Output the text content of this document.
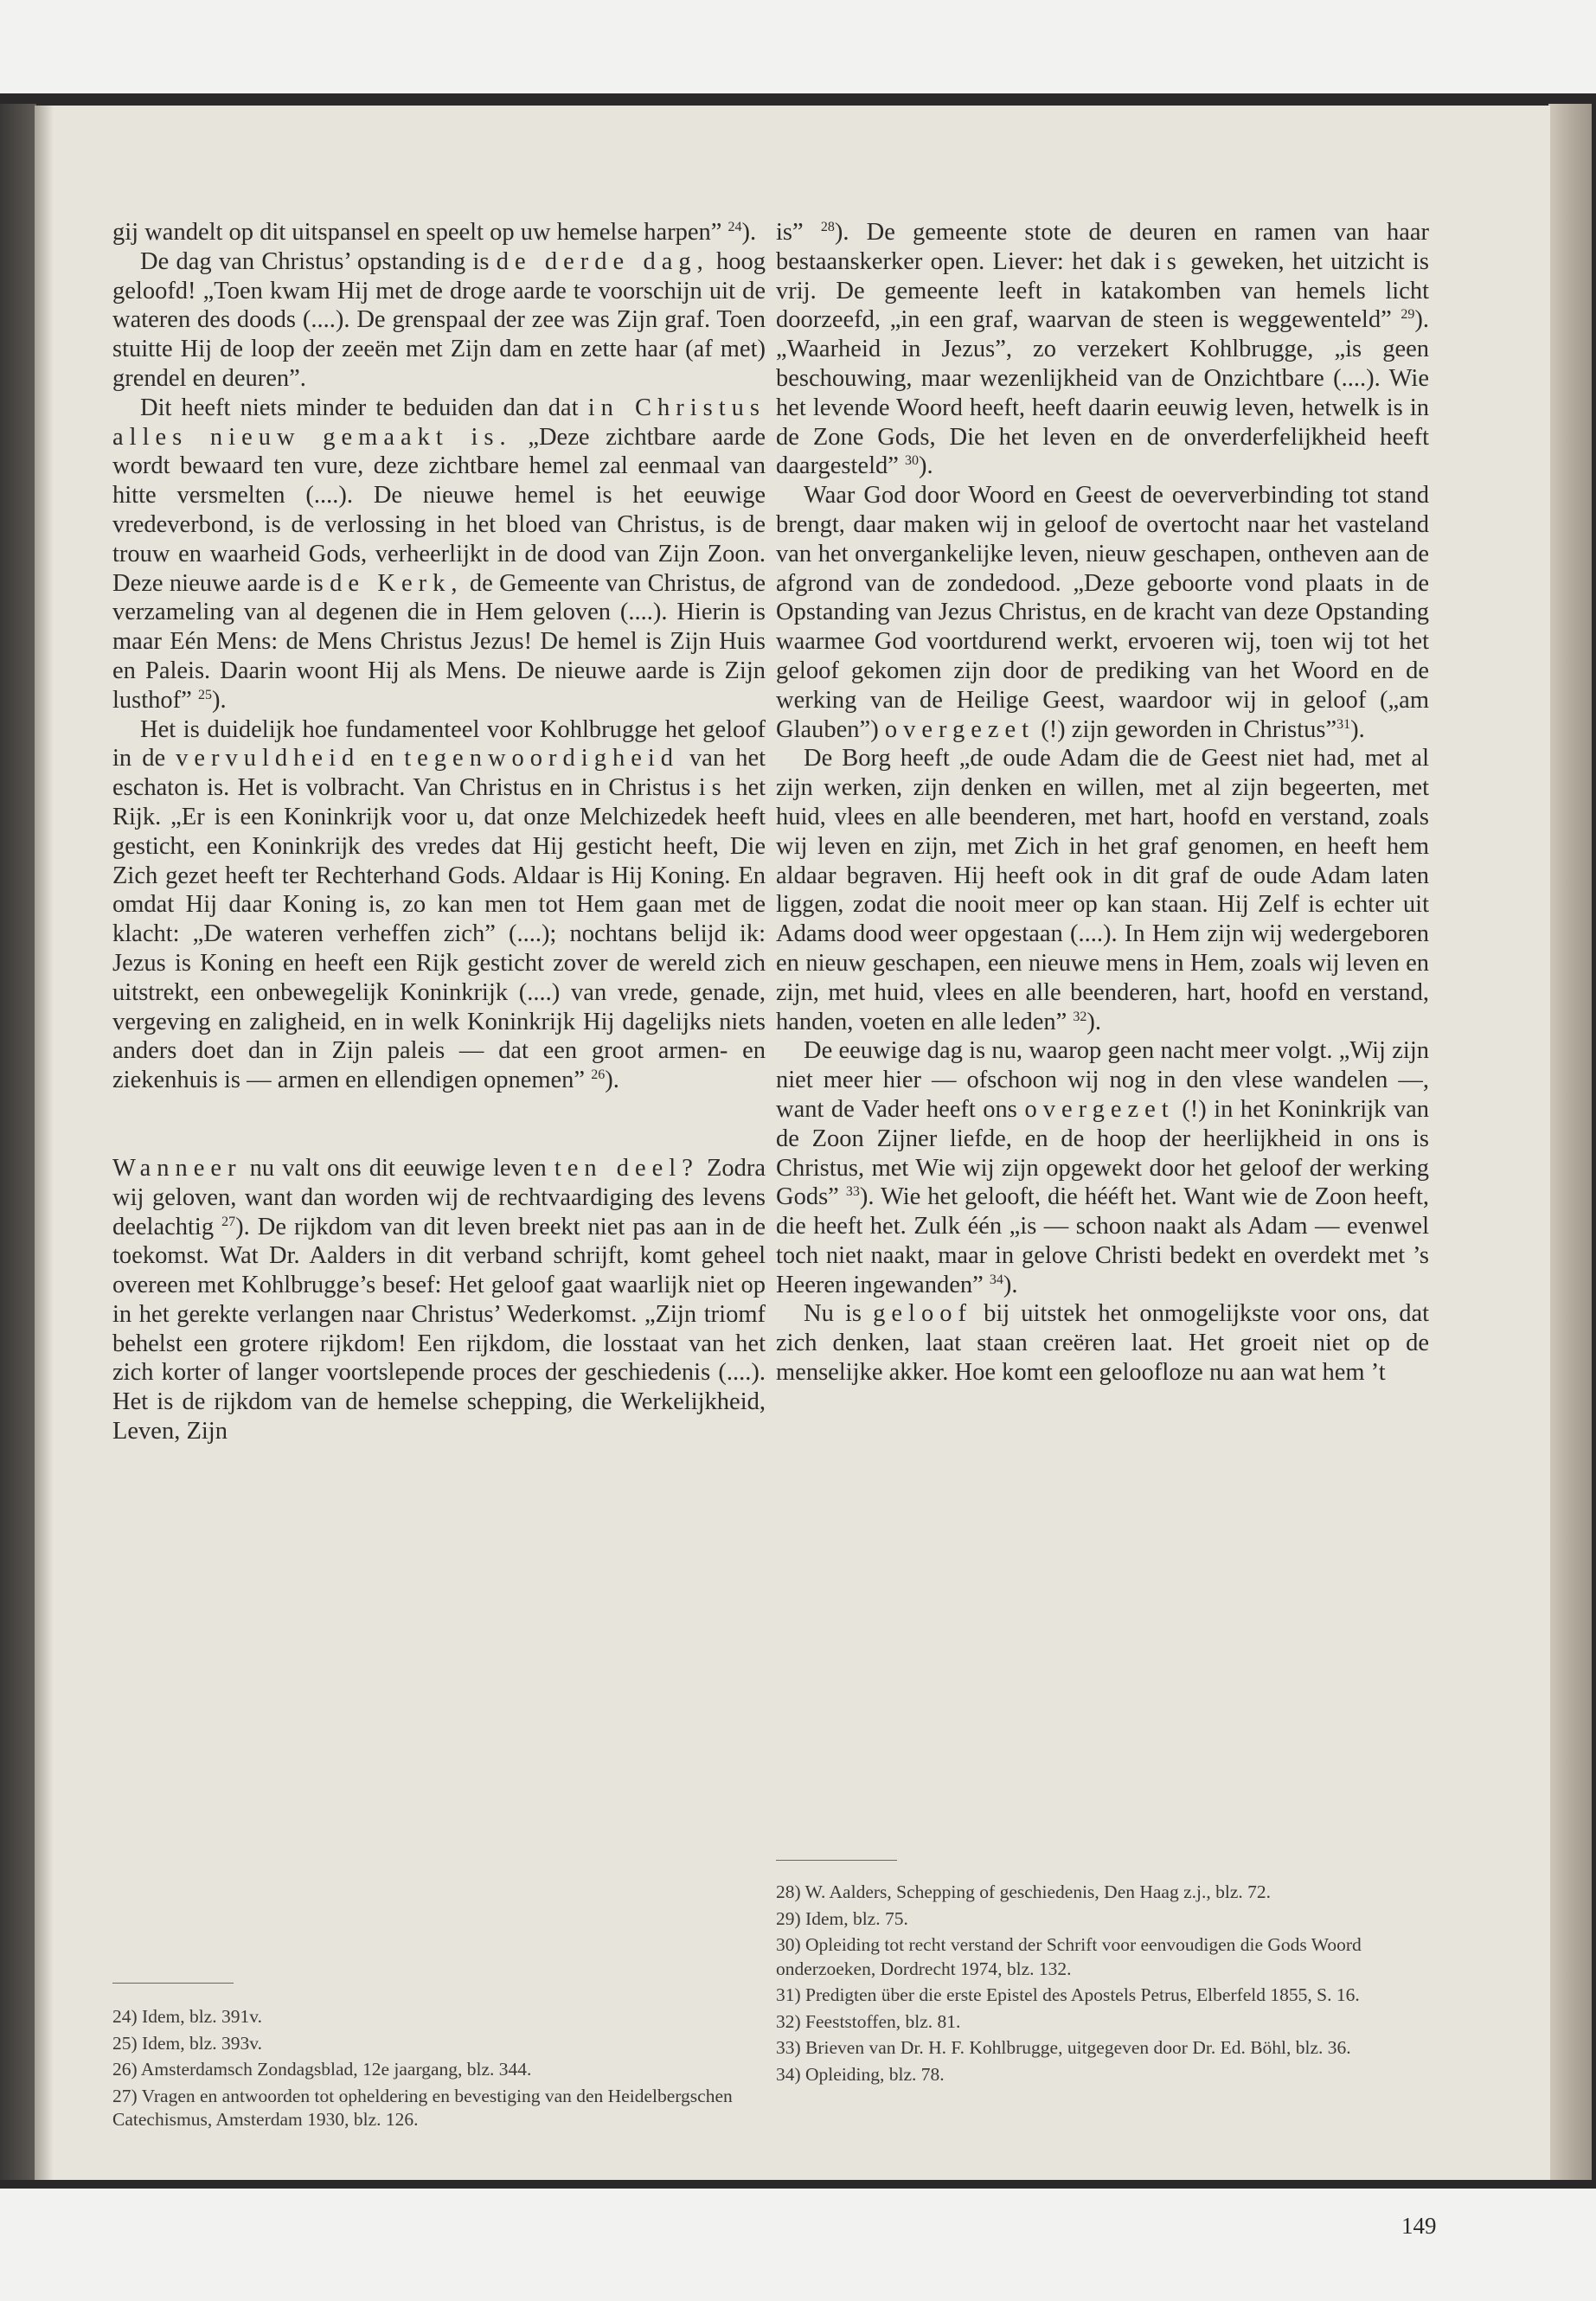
gij wandelt op dit uitspansel en speelt op uw hemelse harpen” $^{24}$).

De dag van Christus’ opstanding is de derde dag, hoog geloofd! „Toen kwam Hij met de droge aarde te voorschijn uit de wateren des doods (....). De grenspaal der zee was Zijn graf. Toen stuitte Hij de loop der zeeën met Zijn dam en zette haar (af met) grendel en deuren”.

Dit heeft niets minder te beduiden dan dat in Christus alles nieuw gemaakt is. „Deze zichtbare aarde wordt bewaard ten vure, deze zichtbare hemel zal eenmaal van hitte versmelten (....). De nieuwe hemel is het eeuwige vredeverbond, is de verlossing in het bloed van Christus, is de trouw en waarheid Gods, verheerlijkt in de dood van Zijn Zoon. Deze nieuwe aarde is de Kerk, de Gemeente van Christus, de verzameling van al degenen die in Hem geloven (....). Hierin is maar Eén Mens: de Mens Christus Jezus! De hemel is Zijn Huis en Paleis. Daarin woont Hij als Mens. De nieuwe aarde is Zijn lusthof” $^{25}$).

Het is duidelijk hoe fundamenteel voor Kohlbrugge het geloof in de vervuldheid en tegenwoordigheid van het eschaton is. Het is volbracht. Van Christus en in Christus is het Rijk. „Er is een Koninkrijk voor u, dat onze Melchizedek heeft gesticht, een Koninkrijk des vredes dat Hij gesticht heeft, Die Zich gezet heeft ter Rechterhand Gods. Aldaar is Hij Koning. En omdat Hij daar Koning is, zo kan men tot Hem gaan met de klacht: „De wateren verheffen zich” (....); nochtans belijd ik: Jezus is Koning en heeft een Rijk gesticht zover de wereld zich uitstrekt, een onbewegelijk Koninkrijk (....) van vrede, genade, vergeving en zaligheid, en in welk Koninkrijk Hij dagelijks niets anders doet dan in Zijn paleis — dat een groot armen- en ziekenhuis is — armen en ellendigen opnemen” $^{26}$).

Wanneer nu valt ons dit eeuwige leven ten deel? Zodra wij geloven, want dan worden wij de rechtvaardiging des levens deelachtig $^{27}$). De rijkdom van dit leven breekt niet pas aan in de toekomst. Wat Dr. Aalders in dit verband schrijft, komt geheel overeen met Kohlbrugge’s besef: Het geloof gaat waarlijk niet op in het gerekte verlangen naar Christus’ Wederkomst. „Zijn triomf behelst een grotere rijkdom! Een rijkdom, die losstaat van het zich korter of langer voortslepende proces der geschiedenis (....). Het is de rijkdom van de hemelse schepping, die Werkelijkheid, Leven, Zijn

is” $^{28}$). De gemeente stote de deuren en ramen van haar bestaanskerker open. Liever: het dak is geweken, het uitzicht is vrij. De gemeente leeft in katakomben van hemels licht doorzeefd, „in een graf, waarvan de steen is weggewenteld” $^{29}$). „Waarheid in Jezus”, zo verzekert Kohlbrugge, „is geen beschouwing, maar wezenlijkheid van de Onzichtbare (....). Wie het levende Woord heeft, heeft daarin eeuwig leven, hetwelk is in de Zone Gods, Die het leven en de onverderfelijkheid heeft daargesteld” $^{30}$).

Waar God door Woord en Geest de oeververbinding tot stand brengt, daar maken wij in geloof de overtocht naar het vasteland van het onvergankelijke leven, nieuw geschapen, ontheven aan de afgrond van de zondedood. „Deze geboorte vond plaats in de Opstanding van Jezus Christus, en de kracht van deze Opstanding waarmee God voortdurend werkt, ervoeren wij, toen wij tot het geloof gekomen zijn door de prediking van het Woord en de werking van de Heilige Geest, waardoor wij in geloof („am Glauben”) overgezet (!) zijn geworden in Christus”$^{31}$).

De Borg heeft „de oude Adam die de Geest niet had, met al zijn werken, zijn denken en willen, met al zijn begeerten, met huid, vlees en alle beenderen, met hart, hoofd en verstand, zoals wij leven en zijn, met Zich in het graf genomen, en heeft hem aldaar begraven. Hij heeft ook in dit graf de oude Adam laten liggen, zodat die nooit meer op kan staan. Hij Zelf is echter uit Adams dood weer opgestaan (....). In Hem zijn wij wedergeboren en nieuw geschapen, een nieuwe mens in Hem, zoals wij leven en zijn, met huid, vlees en alle beenderen, hart, hoofd en verstand, handen, voeten en alle leden” $^{32}$).

De eeuwige dag is nu, waarop geen nacht meer volgt. „Wij zijn niet meer hier — ofschoon wij nog in den vlese wandelen —, want de Vader heeft ons overgezet (!) in het Koninkrijk van de Zoon Zijner liefde, en de hoop der heerlijkheid in ons is Christus, met Wie wij zijn opgewekt door het geloof der werking Gods” $^{33}$). Wie het gelooft, die hééft het. Want wie de Zoon heeft, die heeft het. Zulk één „is — schoon naakt als Adam — evenwel toch niet naakt, maar in gelove Christi bedekt en overdekt met ’s Heeren ingewanden” $^{34}$).

Nu is geloof bij uitstek het onmogelijkste voor ons, dat zich denken, laat staan creëren laat. Het groeit niet op de menselijke akker. Hoe komt een geloofloze nu aan wat hem ’t

24) Idem, blz. 391v.

25) Idem, blz. 393v.

26) Amsterdamsch Zondagsblad, 12e jaargang, blz. 344.

27) Vragen en antwoorden tot opheldering en bevestiging van den Heidelbergschen Catechismus, Amsterdam 1930, blz. 126.

28) W. Aalders, Schepping of geschiedenis, Den Haag z.j., blz. 72.

29) Idem, blz. 75.

30) Opleiding tot recht verstand der Schrift voor eenvoudigen die Gods Woord onderzoeken, Dordrecht 1974, blz. 132.

31) Predigten über die erste Epistel des Apostels Petrus, Elberfeld 1855, S. 16.

32) Feeststoffen, blz. 81.

33) Brieven van Dr. H. F. Kohlbrugge, uitgegeven door Dr. Ed. Böhl, blz. 36.

34) Opleiding, blz. 78.

149
